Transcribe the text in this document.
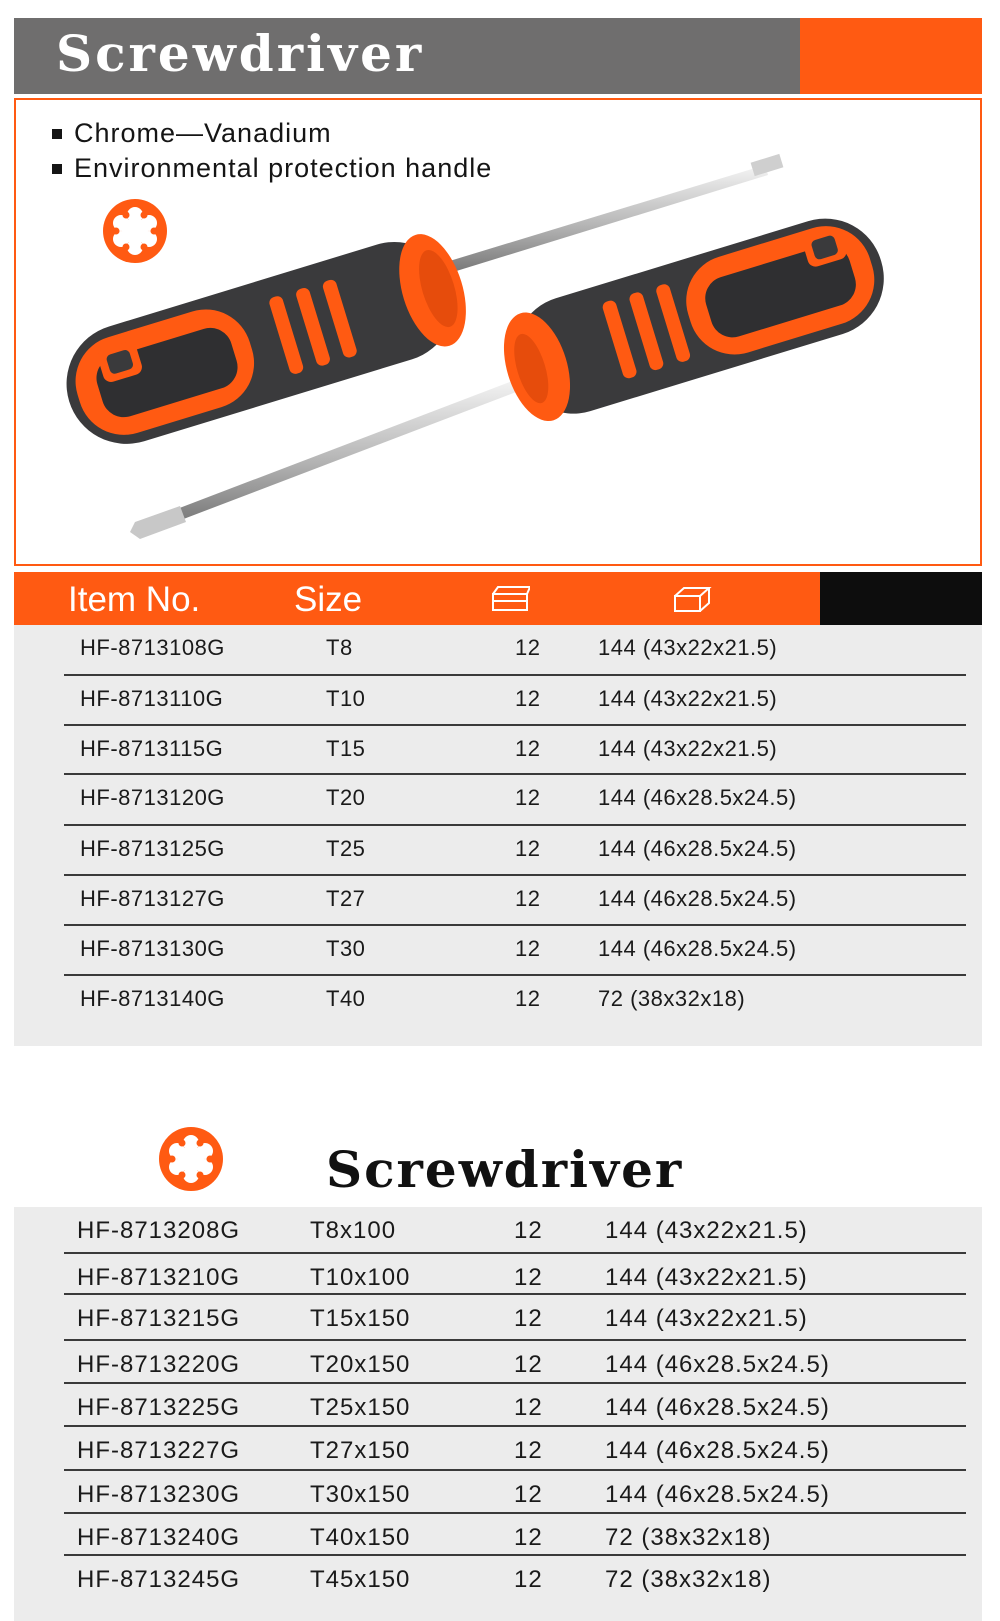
Screwdriver
Chrome—Vanadium
Environmental protection handle
Item No.	Size
HF-8713108G	T8	12	144 (43x22x21.5)
HF-8713110G	T10	12	144 (43x22x21.5)
HF-8713115G	T15	12	144 (43x22x21.5)
HF-8713120G	T20	12	144 (46x28.5x24.5)
HF-8713125G	T25	12	144 (46x28.5x24.5)
HF-8713127G	T27	12	144 (46x28.5x24.5)
HF-8713130G	T30	12	144 (46x28.5x24.5)
HF-8713140G	T40	12	72 (38x32x18)
Screwdriver
HF-8713208G	T8x100	12	144 (43x22x21.5)
HF-8713210G	T10x100	12	144 (43x22x21.5)
HF-8713215G	T15x150	12	144 (43x22x21.5)
HF-8713220G	T20x150	12	144 (46x28.5x24.5)
HF-8713225G	T25x150	12	144 (46x28.5x24.5)
HF-8713227G	T27x150	12	144 (46x28.5x24.5)
HF-8713230G	T30x150	12	144 (46x28.5x24.5)
HF-8713240G	T40x150	12	72 (38x32x18)
HF-8713245G	T45x150	12	72 (38x32x18)
